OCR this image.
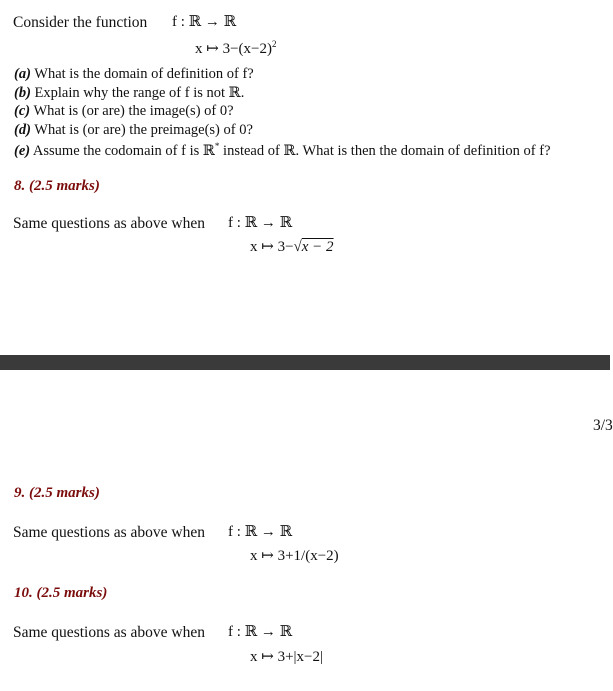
Consider the function f : ℝ → ℝ
x ↦ $3-(x-2)^2$
(a) What is the domain of definition of f?
(b) Explain why the range of f is not ℝ.
(c) What is (or are) the image(s) of 0?
(d) What is (or are) the preimage(s) of 0?
(e) Assume the codomain of f is ℝ* instead of ℝ. What is then the domain of definition of f?
8. (2.5 marks)
Same questions as above when f : ℝ → ℝ
x ↦ 3−√x − 2
3/3
9. (2.5 marks)
Same questions as above when f : ℝ → ℝ
x ↦ 3+1/(x−2)
10. (2.5 marks)
Same questions as above when f : ℝ → ℝ
x ↦ 3+|x−2|
